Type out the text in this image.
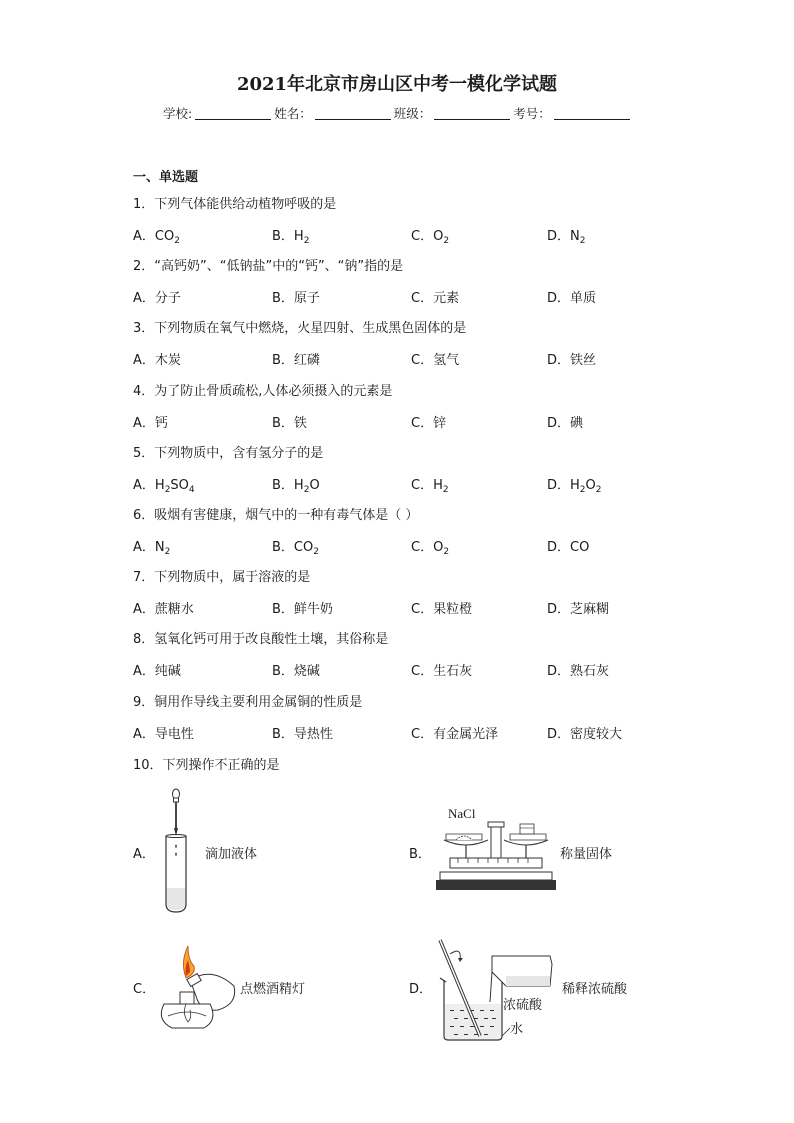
2021年北京市房山区中考一模化学试题
学校:	姓名：	班级：	考号：
一、单选题
1．下列气体能供给动植物呼吸的是
A．$CO_2$	B．$H_2$	C．$O_2$	D．$N_2$
2．“高钙奶”、“低钠盐”中的“钙”、“钠”指的是
A．分子	B．原子	C．元素	D．单质
3．下列物质在氧气中燃烧，火星四射、生成黑色固体的是
A．木炭	B．红磷	C．氢气	D．铁丝
4．为了防止骨质疏松,人体必须摄入的元素是
A．钙	B．铁	C．锌	D．碘
5．下列物质中，含有氢分子的是
A．$H_2SO_4$	B．$H_2O$	C．$H_2$	D．$H_2O_2$
6．吸烟有害健康，烟气中的一种有毒气体是（ ）
A．$N_2$	B．$CO_2$	C．$O_2$	D．CO
7．下列物质中，属于溶液的是
A．蔗糖水	B．鲜牛奶	C．果粒橙	D．芝麻糊
8．氢氧化钙可用于改良酸性土壤，其俗称是
A．纯碱	B．烧碱	C．生石灰	D．熟石灰
9．铜用作导线主要利用金属铜的性质是
A．导电性	B．导热性	C．有金属光泽	D．密度较大
10．下列操作不正确的是
A．	滴加液体	B．
NaCl
称量固体
C．	点燃酒精灯	D．	稀释浓硫酸
浓硫酸
水
